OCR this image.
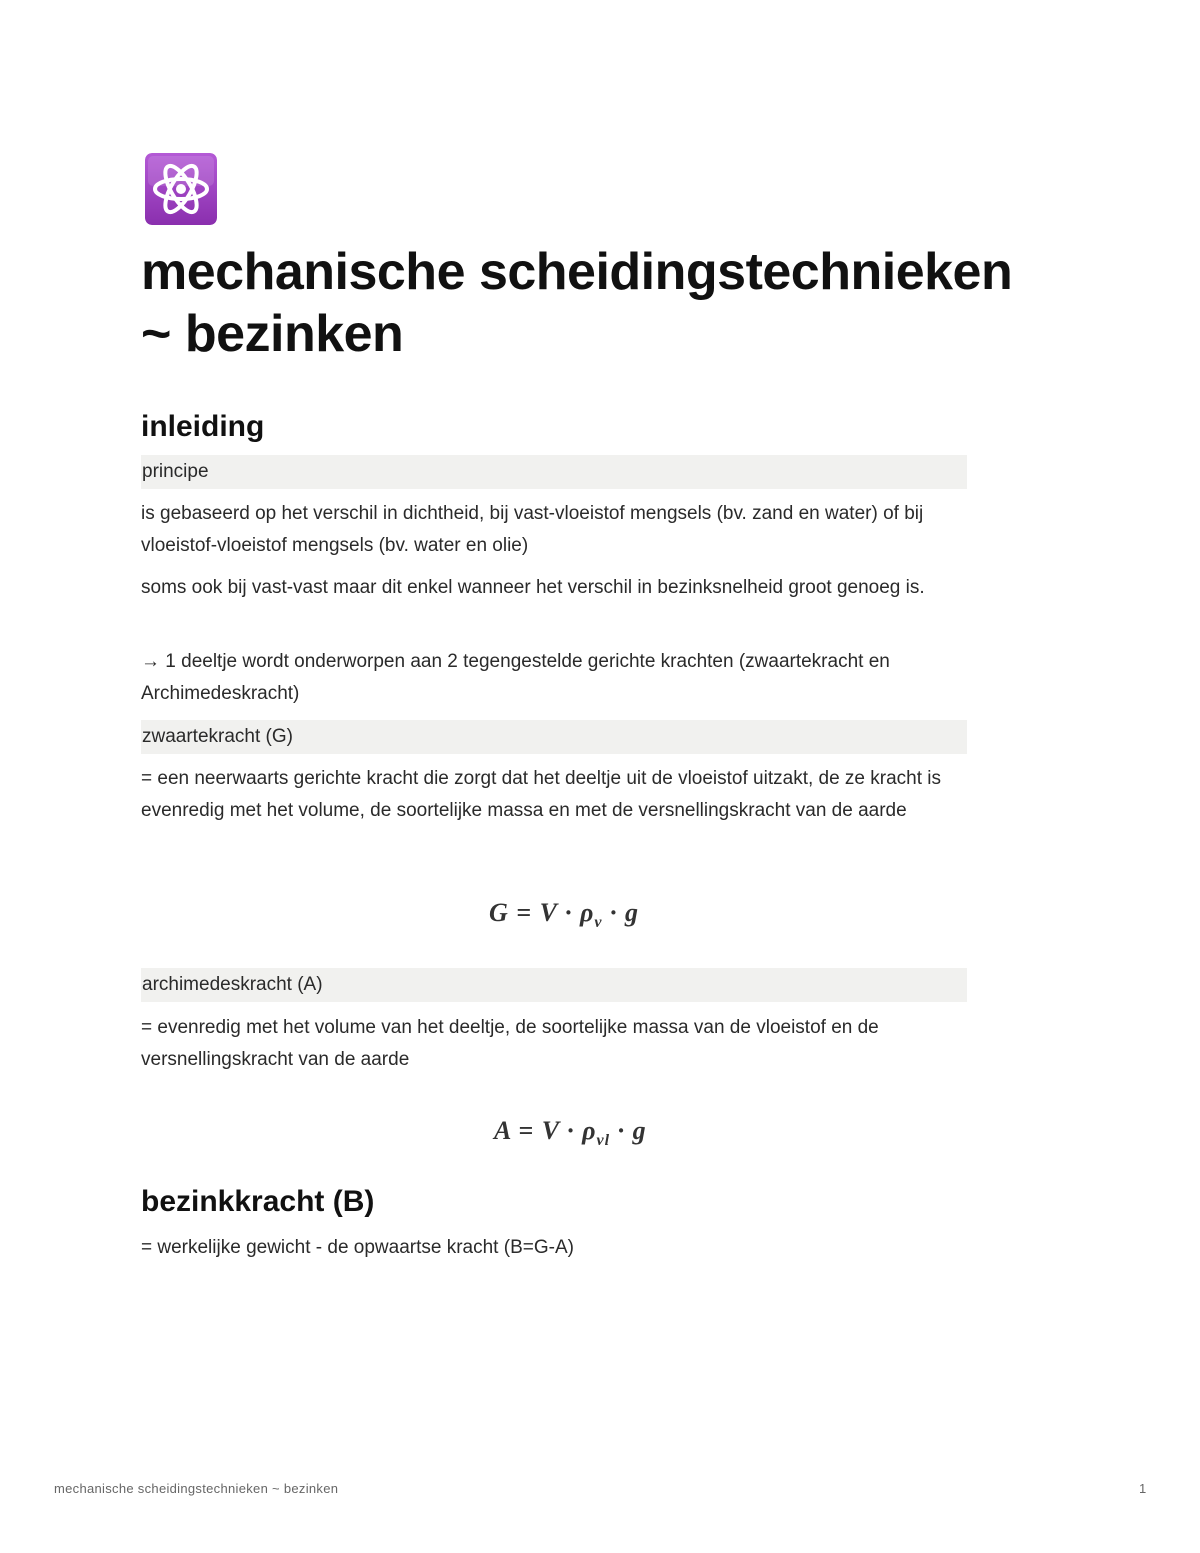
mechanische scheidingstechnieken ~ bezinken
inleiding
principe

is gebaseerd op het verschil in dichtheid, bij vast-vloeistof mengsels (bv. zand en water) of bij vloeistof-vloeistof mengsels (bv. water en olie)

soms ook bij vast-vast maar dit enkel wanneer het verschil in bezinksnelheid groot genoeg is.

→ 1 deeltje wordt onderworpen aan 2 tegengestelde gerichte krachten (zwaartekracht en Archimedeskracht)

zwaartekracht (G)

= een neerwaarts gerichte kracht die zorgt dat het deeltje uit de vloeistof uitzakt, de ze kracht is evenredig met het volume, de soortelijke massa en met de versnellingskracht van de aarde

$G = V \cdot \rho_v \cdot g$
archimedeskracht (A)

= evenredig met het volume van het deeltje, de soortelijke massa van de vloeistof en de versnellingskracht van de aarde

$A = V \cdot \rho_{vl} \cdot g$
bezinkkracht (B)

= werkelijke gewicht - de opwaartse kracht (B=G-A)

mechanische scheidingstechnieken ~ bezinken	1
